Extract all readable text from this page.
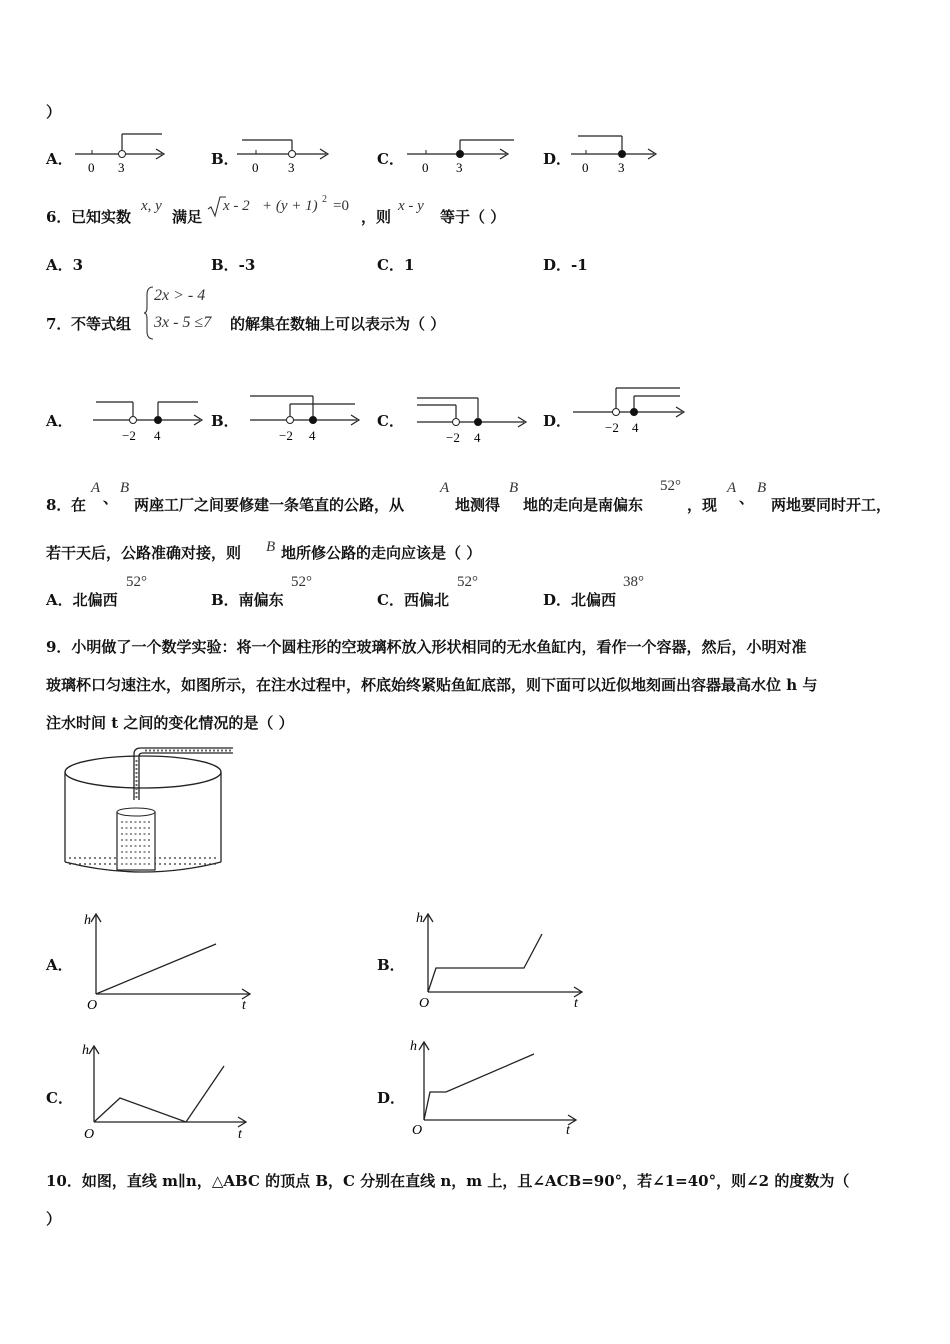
）
A． 0 3	B． 0 3	C． 0 3	D． 0 3
6． 已知实数
x, y
满足
x - 2 + (y + 1) 2 =0
，则
x - y
等于（ ）
A．3	B．-3	C．1	D．-1
7． 不等式组
2x > - 4
3x - 5 ≤7 的解集在数轴上可以表示为（ ）
A．
−2 4
B．
−2 4
C．
−2 4
D．	−2 4
8． 在
A
、
B
两座工厂之间要修建一条笔直的公路，从
A
地测得
B
地的走向是南偏东
52°
，现
A
、
B
两地要同时开工，
若干天后，公路准确对接，则 B 地所修公路的走向应该是（ ）
A．北偏西
52°
B．南偏东
52°
C．西偏北
52°
D．北偏西
38°
9．小明做了一个数学实验：将一个圆柱形的空玻璃杯放入形状相同的无水鱼缸内，看作一个容器，然后，小明对准
玻璃杯口匀速注水，如图所示，在注水过程中，杯底始终紧贴鱼缸底部，则下面可以近似地刻画出容器最高水位 h 与
注水时间 t 之间的变化情况的是（ ）
A．
h
O	t
B．
h
O	t
C．
h
O	t
D．
h
O	t
10．如图，直线 m∥n，△ABC 的顶点 B，C 分别在直线 n，m 上，且∠ACB=90°，若∠1=40°，则∠2 的度数为（
）
